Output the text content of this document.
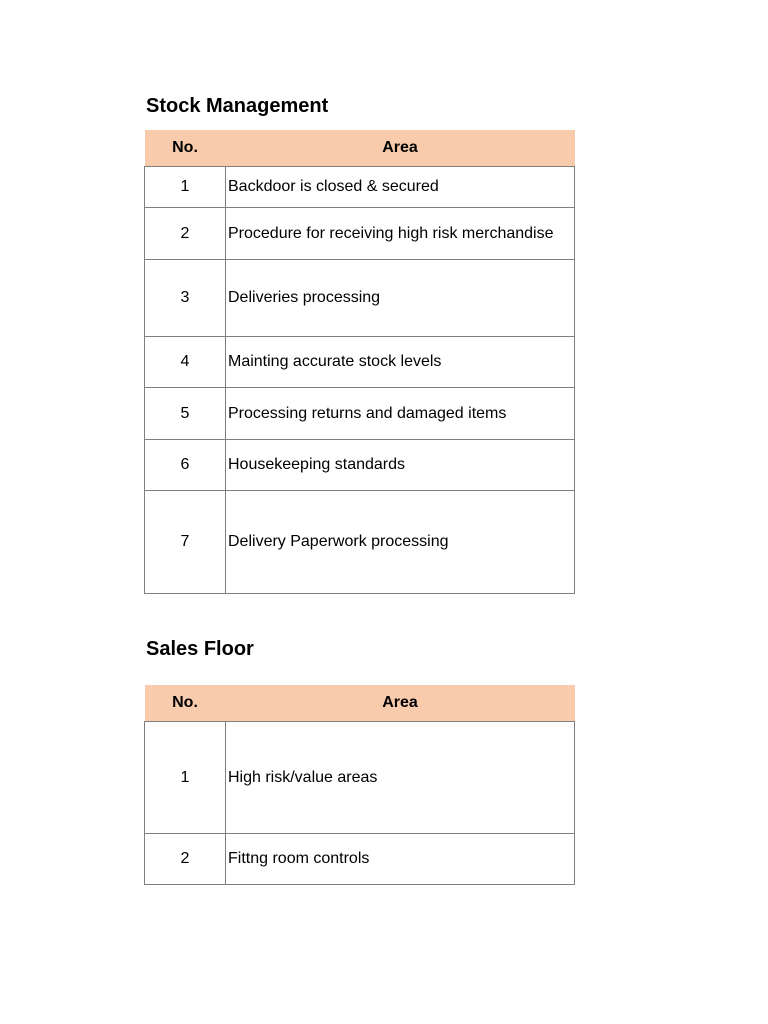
Stock Management
No.	Area
1	Backdoor is closed & secured
2	Procedure for receiving high risk merchandise
3	Deliveries processing
4	Mainting accurate stock levels
5	Processing returns and damaged items
6	Housekeeping standards
7	Delivery Paperwork processing
Sales Floor
No.	Area
1	High risk/value areas
2	Fittng room controls
